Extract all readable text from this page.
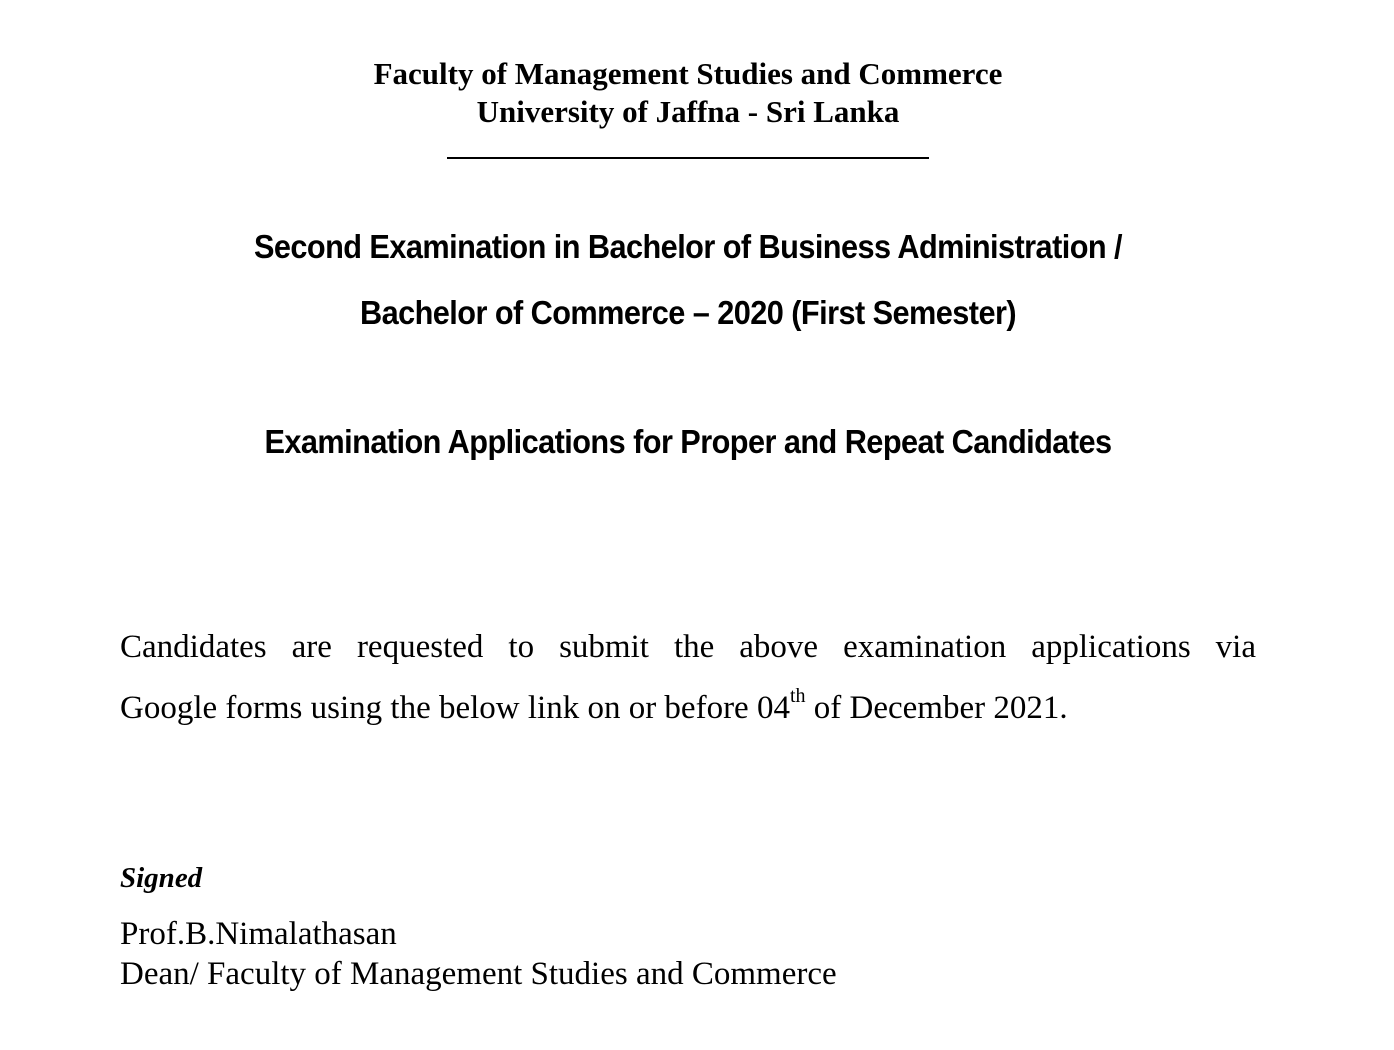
Faculty of Management Studies and Commerce
University of Jaffna - Sri Lanka
Second Examination in Bachelor of Business Administration /
Bachelor of Commerce – 2020 (First Semester)
Examination Applications for Proper and Repeat Candidates
Candidates are requested to submit the above examination applications via
Google forms using the below link on or before 04th of December 2021.
Signed
Prof.B.Nimalathasan
Dean/ Faculty of Management Studies and Commerce
